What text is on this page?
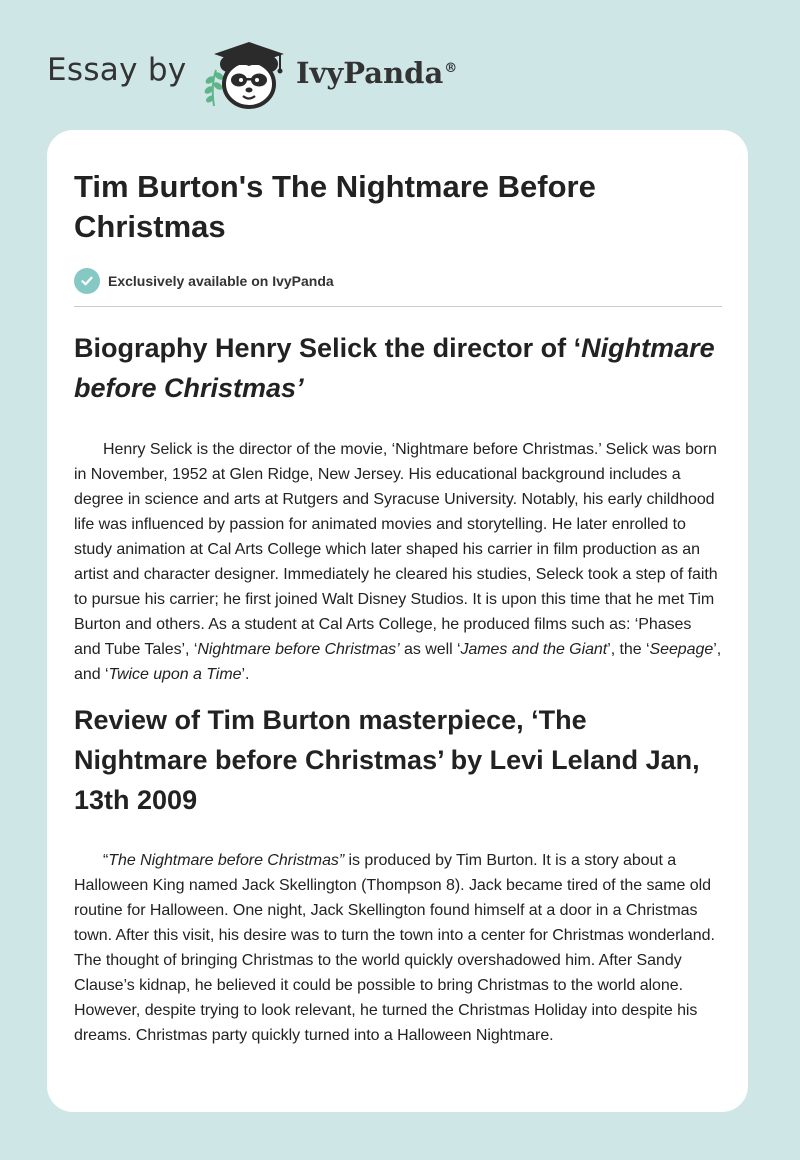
Essay by	IvyPanda®
Tim Burton's The Nightmare Before Christmas
Exclusively available on IvyPanda
Biography Henry Selick the director of ‘Nightmare before Christmas’

Henry Selick is the director of the movie, ‘Nightmare before Christmas.’ Selick was born in November, 1952 at Glen Ridge, New Jersey. His educational background includes a degree in science and arts at Rutgers and Syracuse University. Notably, his early childhood life was influenced by passion for animated movies and storytelling. He later enrolled to study animation at Cal Arts College which later shaped his carrier in film production as an artist and character designer. Immediately he cleared his studies, Seleck took a step of faith to pursue his carrier; he first joined Walt Disney Studios. It is upon this time that he met Tim Burton and others. As a student at Cal Arts College, he produced films such as: ‘Phases and Tube Tales’, ‘Nightmare before Christmas’ as well ‘James and the Giant’, the ‘Seepage’, and ‘Twice upon a Time’.

Review of Tim Burton masterpiece, ‘The Nightmare before Christmas’ by Levi Leland Jan, 13th 2009

“The Nightmare before Christmas” is produced by Tim Burton. It is a story about a Halloween King named Jack Skellington (Thompson 8). Jack became tired of the same old routine for Halloween. One night, Jack Skellington found himself at a door in a Christmas town. After this visit, his desire was to turn the town into a center for Christmas wonderland. The thought of bringing Christmas to the world quickly overshadowed him. After Sandy Clause’s kidnap, he believed it could be possible to bring Christmas to the world alone. However, despite trying to look relevant, he turned the Christmas Holiday into despite his dreams. Christmas party quickly turned into a Halloween Nightmare.
